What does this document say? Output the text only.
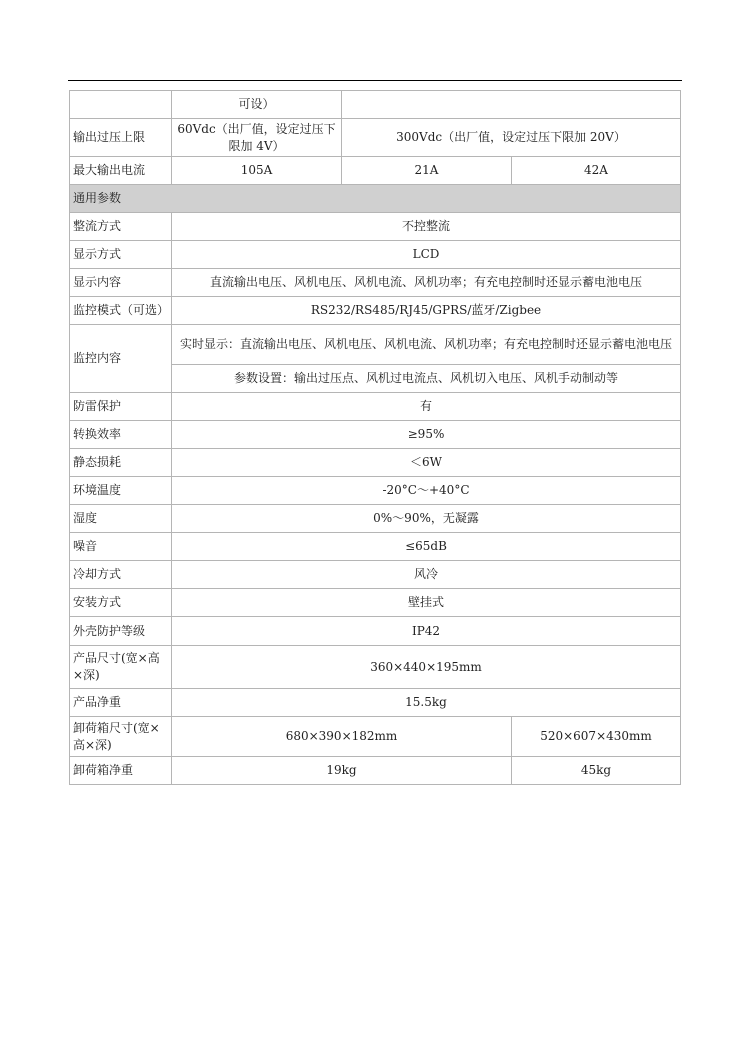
	可设）		
输出过压上限	60Vdc（出厂值，设定过压下限加 4V）	300Vdc（出厂值，设定过压下限加 20V）	
最大输出电流	105A	21A	42A
通用参数			
整流方式	不控整流		
显示方式	LCD		
显示内容	直流输出电压、风机电压、风机电流、风机功率；有充电控制时还显示蓄电池电压		
监控模式（可选）	RS232/RS485/RJ45/GPRS/蓝牙/Zigbee		
监控内容	实时显示：直流输出电压、风机电压、风机电流、风机功率；有充电控制时还显示蓄电池电压		
	参数设置：输出过压点、风机过电流点、风机切入电压、风机手动制动等		
防雷保护	有		
转换效率	≥95%		
静态损耗	＜6W		
环境温度	-20°C～+40°C		
湿度	0%～90%，无凝露		
噪音	≤65dB		
冷却方式	风冷		
安装方式	壁挂式		
外壳防护等级	IP42		
产品尺寸(宽×高×深)	360×440×195mm		
产品净重	15.5kg		
卸荷箱尺寸(宽×高×深)	680×390×182mm		520×607×430mm
卸荷箱净重	19kg		45kg
